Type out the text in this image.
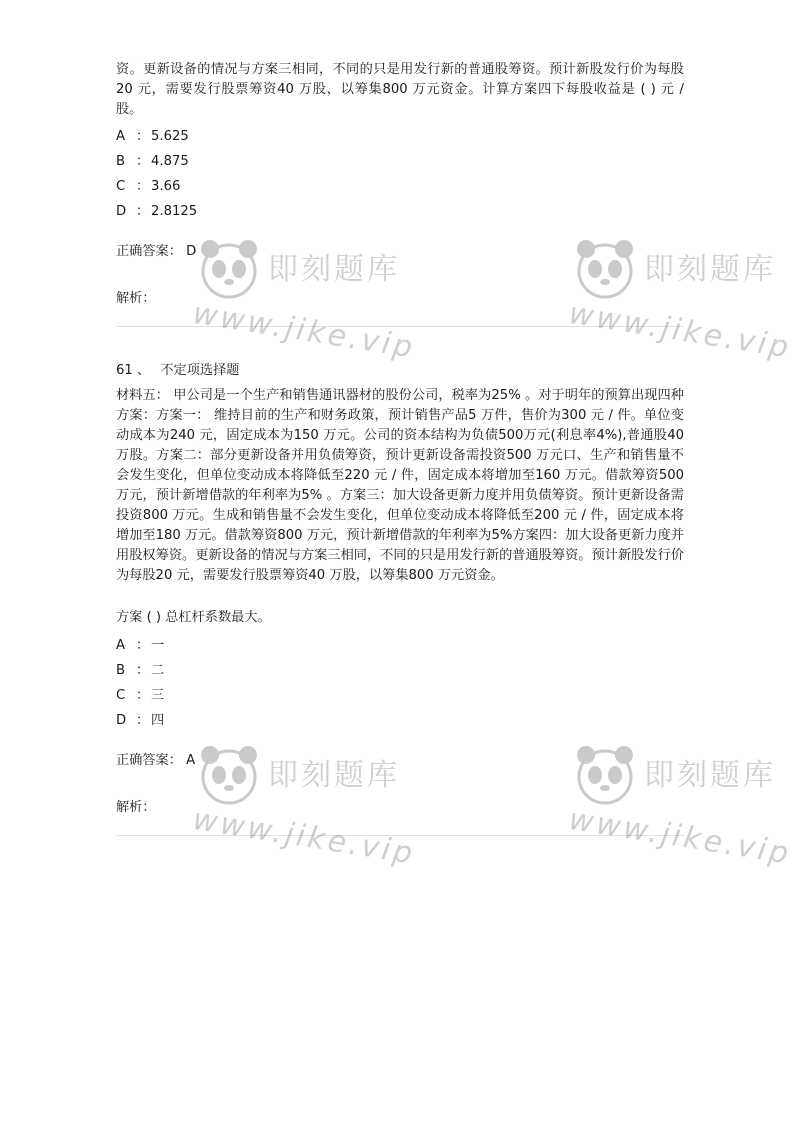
资。更新设备的情况与方案三相同，不同的只是用发行新的普通股筹资。预计新股发行价为每股20 元，需要发行股票筹资40 万股，以筹集800 万元资金。计算方案四下每股收益是 ( ) 元 / 股。

A ： 5.625
B ： 4.875
C ： 3.66
D ： 2.8125
正确答案： D
解析：
61 、 不定项选择题

材料五： 甲公司是一个生产和销售通讯器材的股份公司，税率为25% 。对于明年的预算出现四种方案：方案一： 维持目前的生产和财务政策，预计销售产品5 万件，售价为300 元 / 件。单位变动成本为240 元，固定成本为150 万元。公司的资本结构为负债500万元(利息率4%),普通股40万股。方案二：部分更新设备并用负债筹资，预计更新设备需投资500 万元口、生产和销售量不会发生变化，但单位变动成本将降低至220 元 / 件，固定成本将增加至160 万元。借款筹资500 万元，预计新增借款的年利率为5% 。方案三：加大设备更新力度并用负债筹资。预计更新设备需投资800 万元。生成和销售量不会发生变化，但单位变动成本将降低至200 元 / 件，固定成本将增加至180 万元。借款筹资800 万元，预计新增借款的年利率为5%方案四：加大设备更新力度并用股权筹资。更新设备的情况与方案三相同，不同的只是用发行新的普通股筹资。预计新股发行价为每股20 元，需要发行股票筹资40 万股，以筹集800 万元资金。

方案 ( ) 总杠杆系数最大。
A ： 一
B ： 二
C ： 三
D ： 四
正确答案： A
解析：
即刻题库
www.jike.vip
即刻题库
www.jike.vip
即刻题库
www.jike.vip
即刻题库
www.jike.vip
